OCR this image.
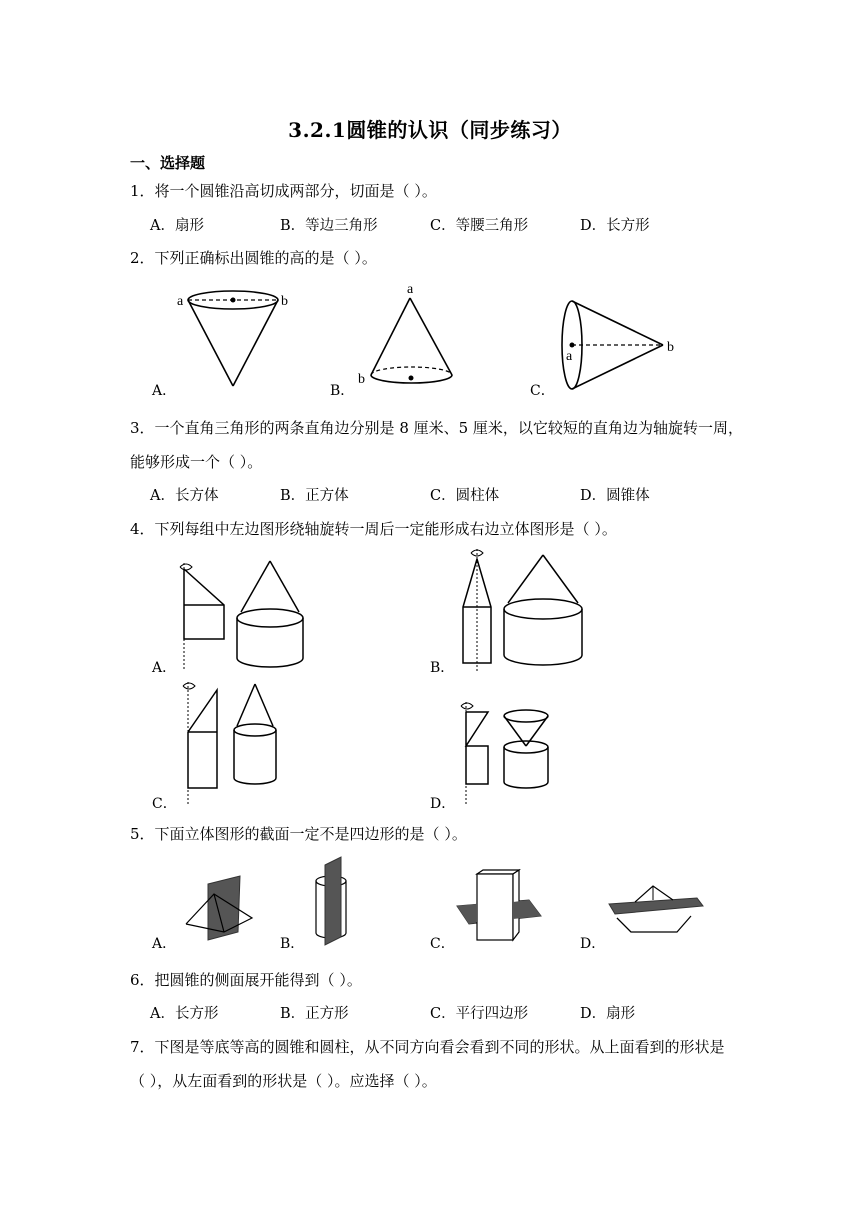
3.2.1圆锥的认识（同步练习）
一、选择题
1．将一个圆锥沿高切成两部分，切面是（ ）。
A．扇形	B．等边三角形	C．等腰三角形	D．长方形
2．下列正确标出圆锥的高的是（ ）。
a	b
A．
a
b
B．
a
b
C．
3．一个直角三角形的两条直角边分别是 8 厘米、5 厘米，以它较短的直角边为轴旋转一周，
能够形成一个（ ）。
A．长方体	B．正方体	C．圆柱体	D．圆锥体
4．下列每组中左边图形绕轴旋转一周后一定能形成右边立体图形是（ ）。
A．	B．
C．	D．
5．下面立体图形的截面一定不是四边形的是（ ）。
A．	B．	C．	D．
6．把圆锥的侧面展开能得到（ ）。
A．长方形	B．正方形	C．平行四边形	D．扇形
7．下图是等底等高的圆锥和圆柱，从不同方向看会看到不同的形状。从上面看到的形状是
（ ），从左面看到的形状是（ ）。应选择（ ）。
